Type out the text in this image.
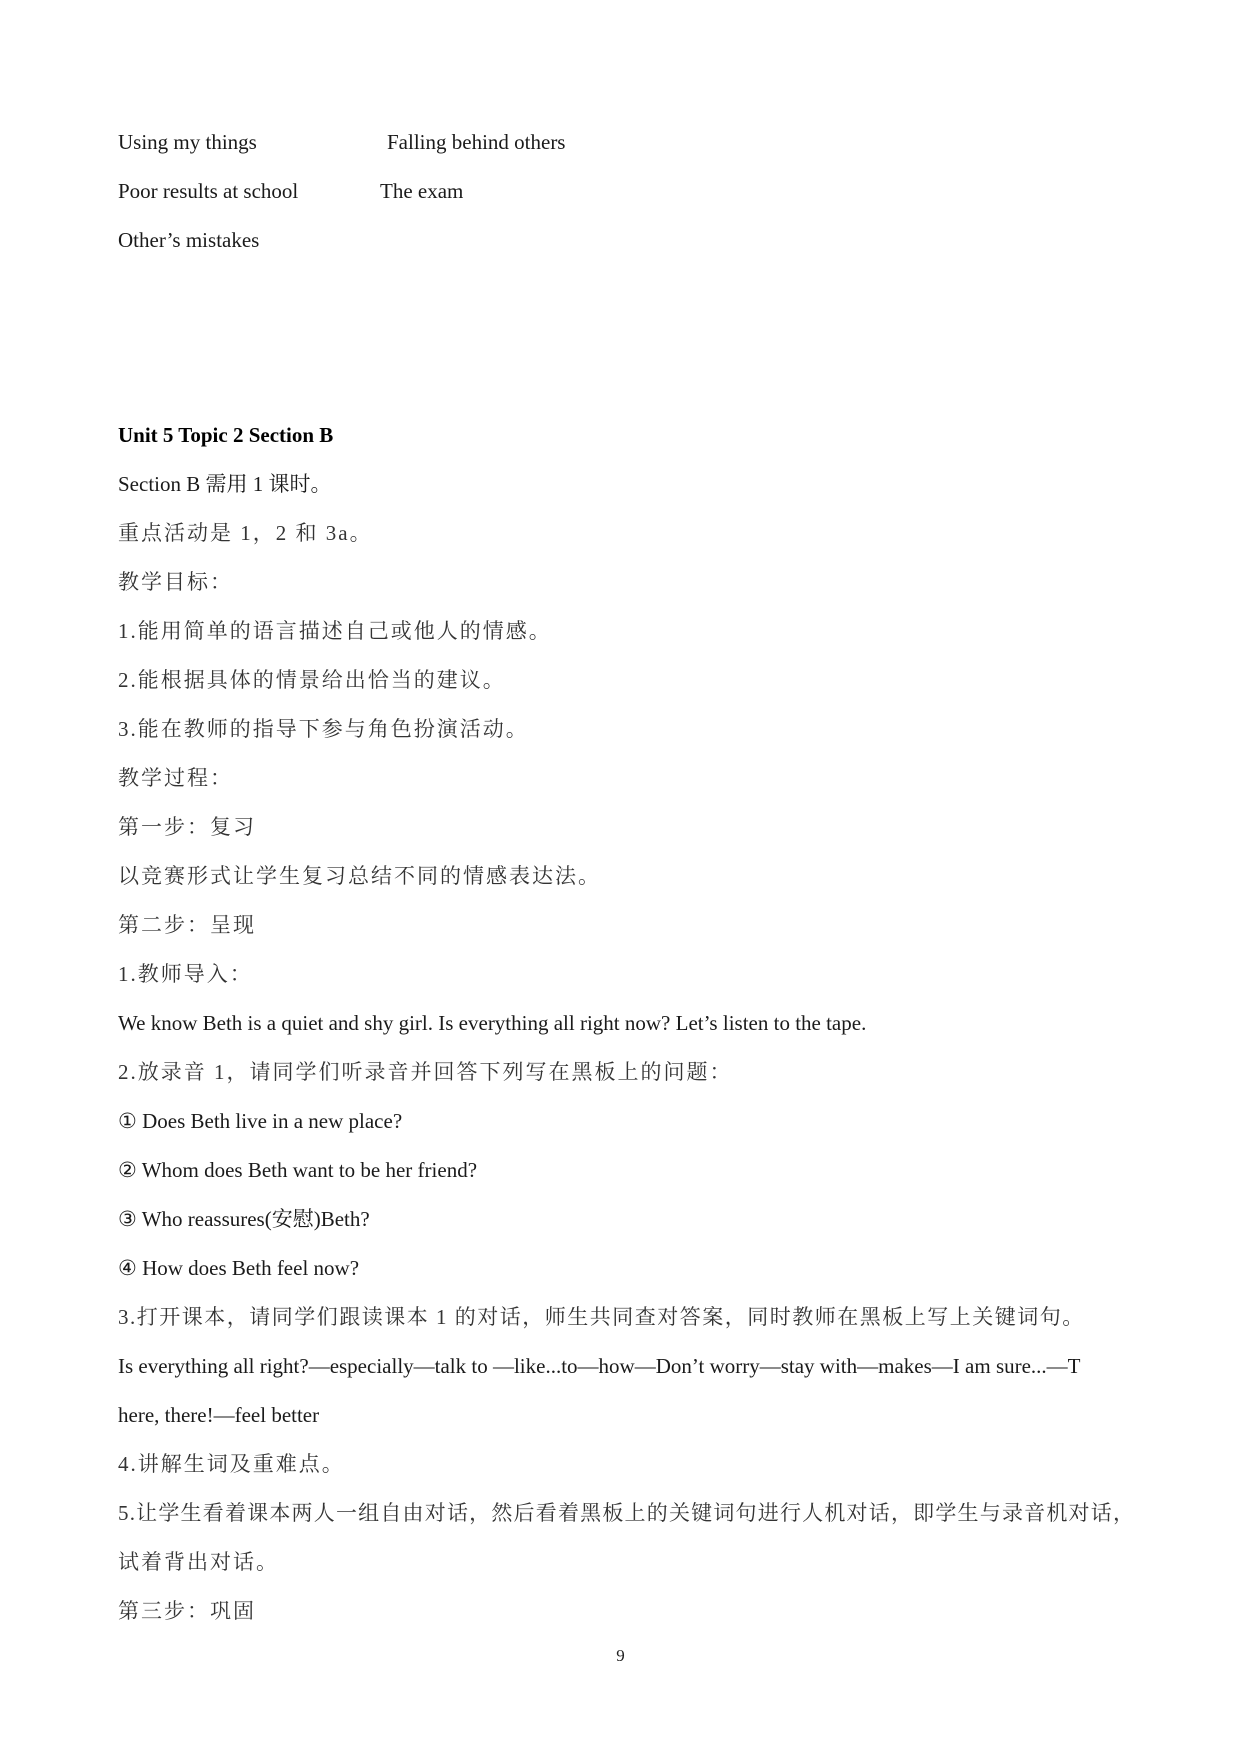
Using my things	Falling behind others
Poor results at school	The exam
Other’s mistakes
Unit 5 Topic 2 Section B
Section B 需用 1 课时。
重点活动是 1，2 和 3a。
教学目标：
1.能用简单的语言描述自己或他人的情感。
2.能根据具体的情景给出恰当的建议。
3.能在教师的指导下参与角色扮演活动。
教学过程：
第一步：复习
以竞赛形式让学生复习总结不同的情感表达法。
第二步：呈现
1.教师导入：
We know Beth is a quiet and shy girl. Is everything all right now? Let’s listen to the tape.
2.放录音 1，请同学们听录音并回答下列写在黑板上的问题：
① Does Beth live in a new place?
② Whom does Beth want to be her friend?
③ Who reassures(安慰)Beth?
④ How does Beth feel now?
3.打开课本，请同学们跟读课本 1 的对话，师生共同查对答案，同时教师在黑板上写上关键词句。
Is everything all right?—especially—talk to —like...to—how—Don’t worry—stay with—makes—I am sure...—T
here, there!—feel better
4.讲解生词及重难点。
5.让学生看着课本两人一组自由对话，然后看着黑板上的关键词句进行人机对话，即学生与录音机对话，
试着背出对话。
第三步：巩固
9
